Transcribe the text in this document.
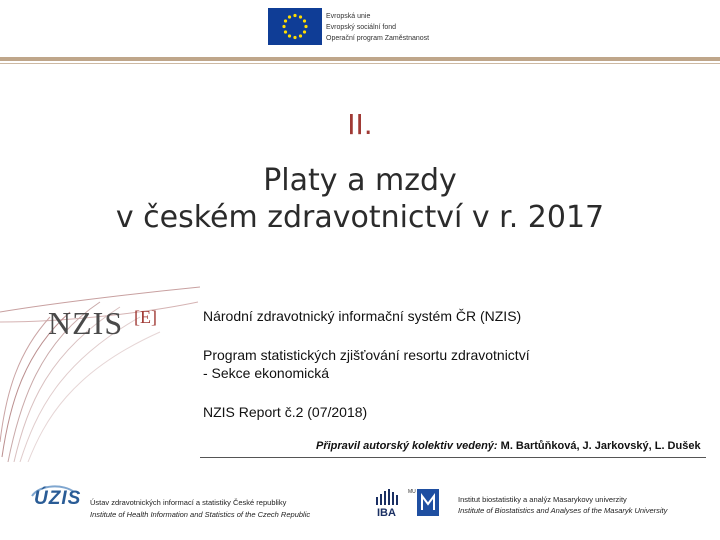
Evropská unie
Evropský sociální fond
Operační program Zaměstnanost
II.
Platy a mzdy
v českém zdravotnictví v r. 2017
NZIS [E]	Národní zdravotnický informační systém ČR (NZIS)
Program statistických zjišťování resortu zdravotnictví
- Sekce ekonomická
NZIS Report č.2 (07/2018)
Připravil autorský kolektiv vedený: M. Bartůňková, J. Jarkovský, L. Dušek
ÚZIS Ústav zdravotnických informací a statistiky České republiky
Institute of Health Information and Statistics of the Czech Republic	IBA
MU
Institut biostatistiky a analýz Masarykovy univerzity
Institute of Biostatistics and Analyses of the Masaryk University
